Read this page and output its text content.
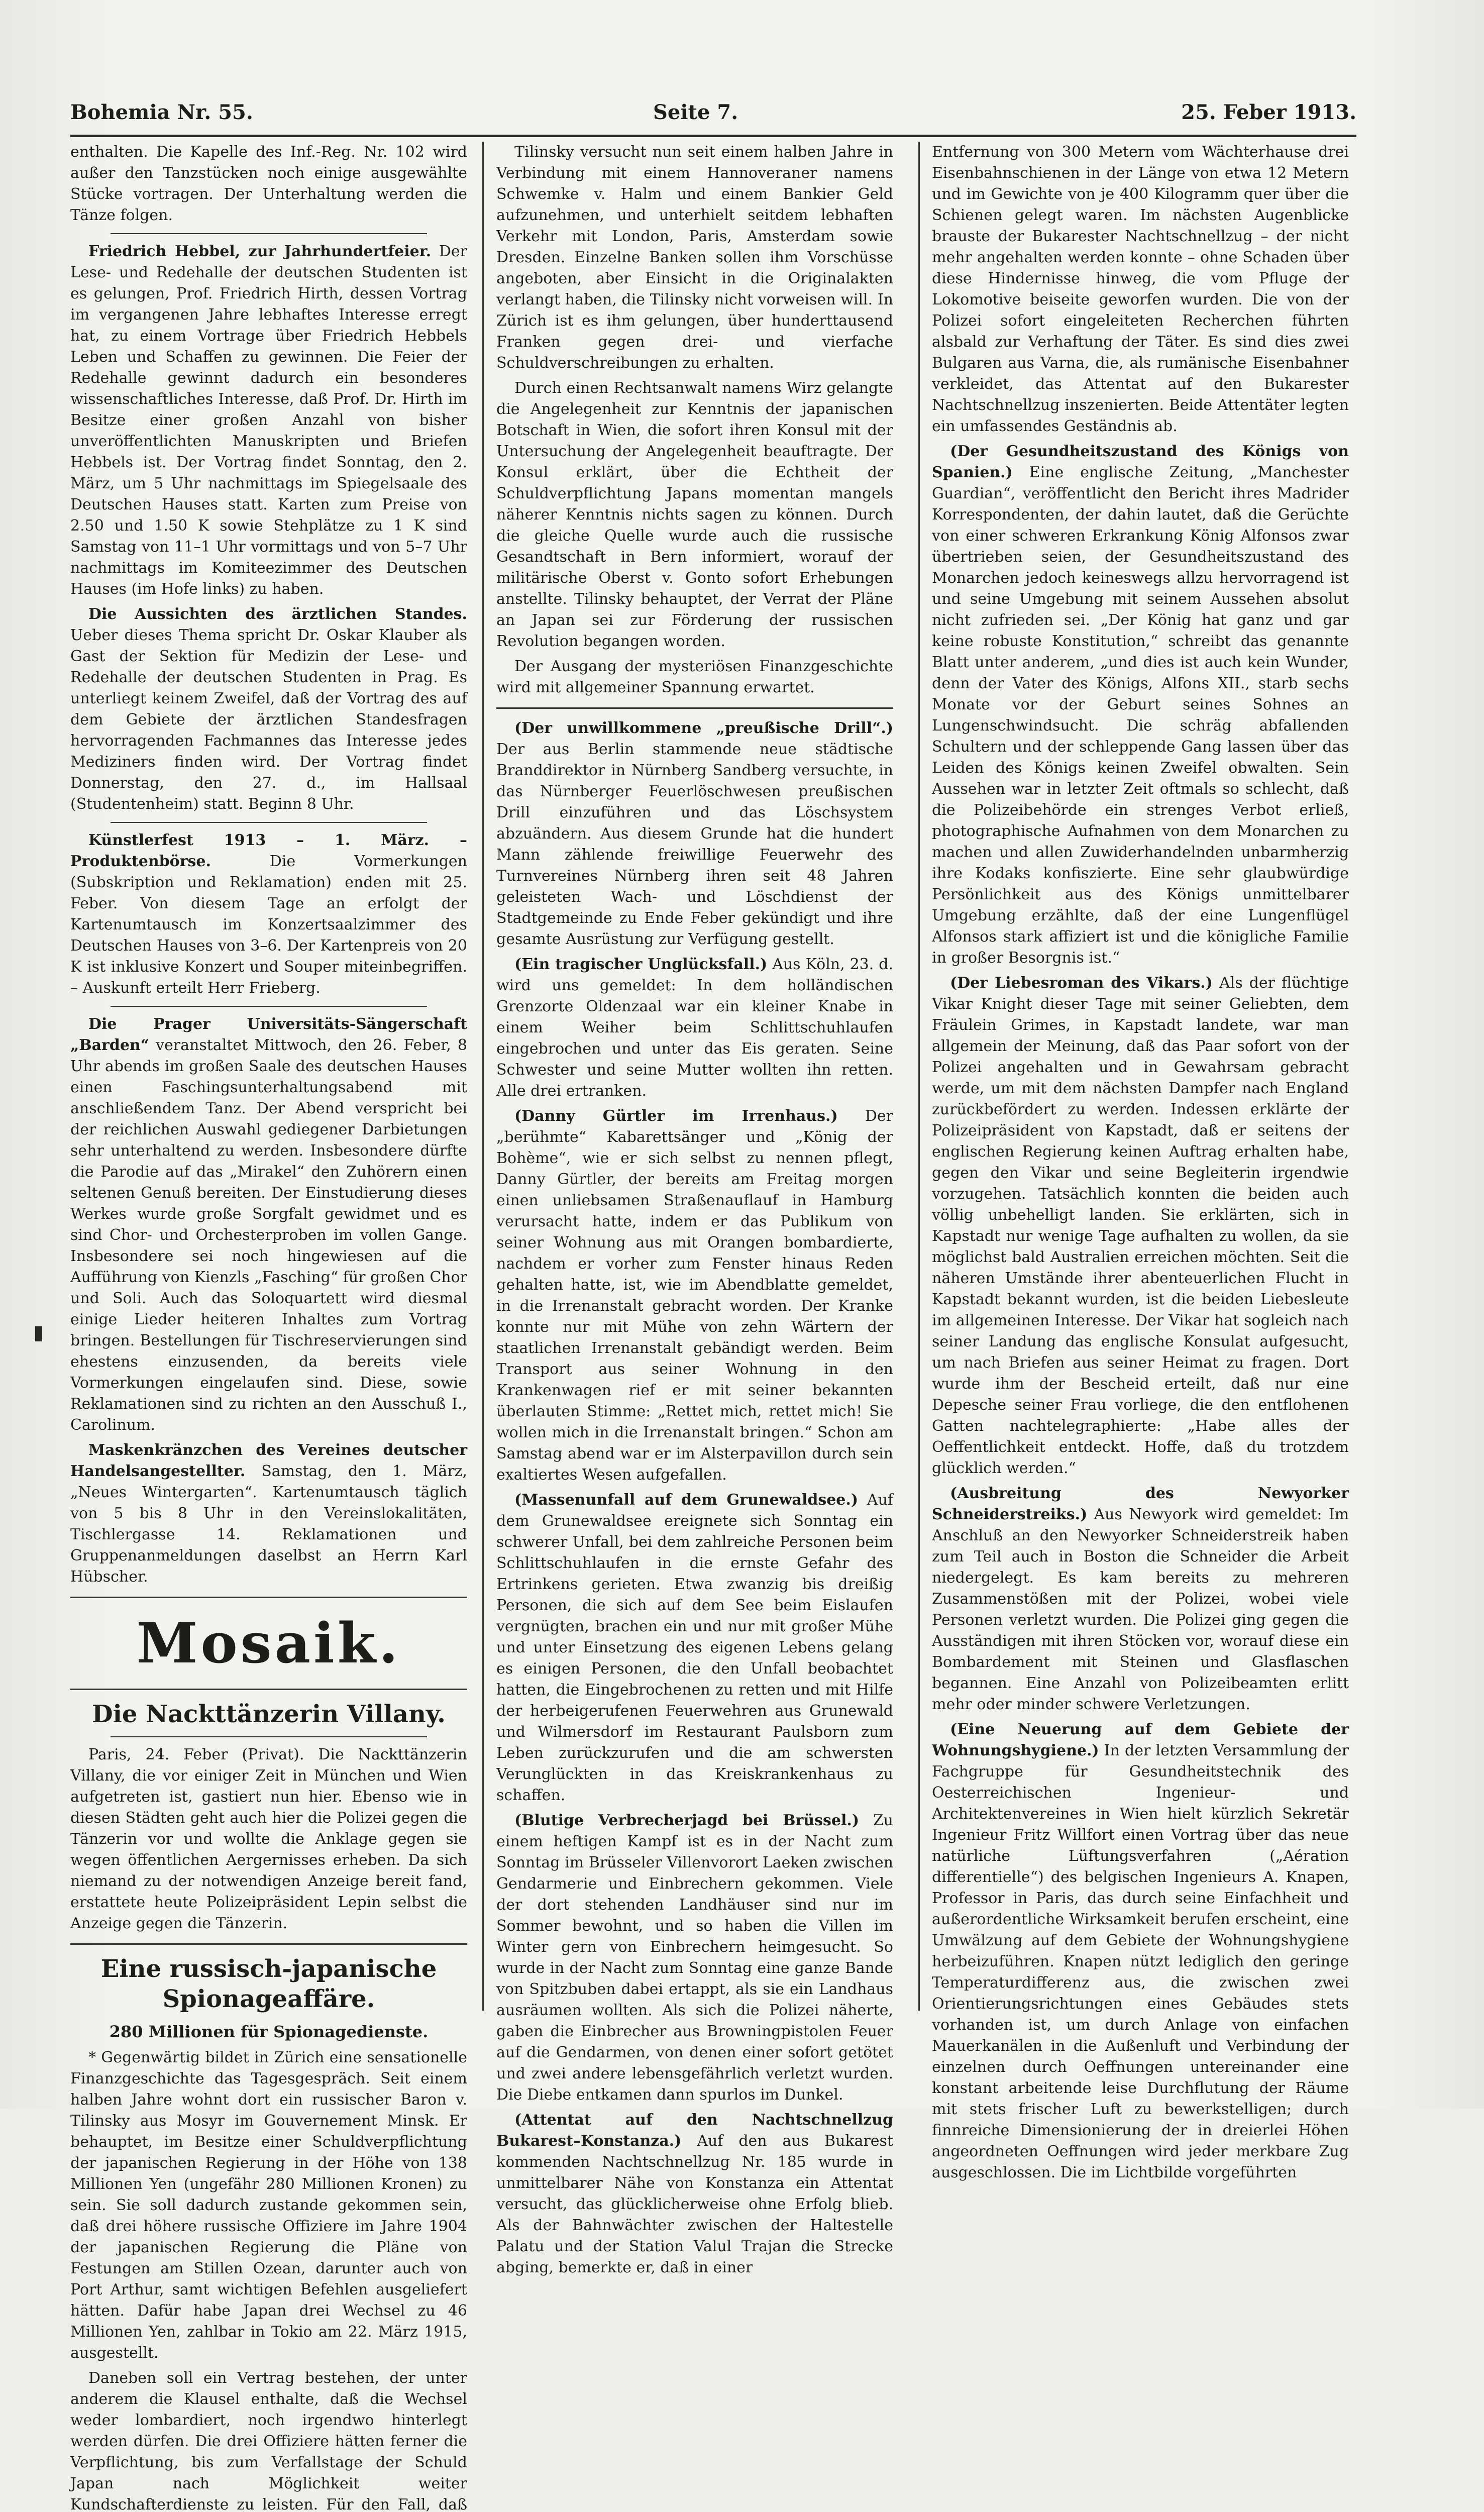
Bohemia Nr. 55.	Seite 7.	25. Feber 1913.

enthalten. Die Kapelle des Inf.-Reg. Nr. 102 wird außer den Tanzstücken noch einige ausgewählte Stücke vortragen. Der Unterhaltung werden die Tänze folgen.

Friedrich Hebbel, zur Jahrhundertfeier. Der Lese- und Redehalle der deutschen Studenten ist es gelungen, Prof. Friedrich Hirth, dessen Vortrag im vergangenen Jahre lebhaftes Interesse erregt hat, zu einem Vortrage über Friedrich Hebbels Leben und Schaffen zu gewinnen. Die Feier der Redehalle gewinnt dadurch ein besonderes wissenschaftliches Interesse, daß Prof. Dr. Hirth im Besitze einer großen Anzahl von bisher unveröffentlichten Manuskripten und Briefen Hebbels ist. Der Vortrag findet Sonntag, den 2. März, um 5 Uhr nachmittags im Spiegelsaale des Deutschen Hauses statt. Karten zum Preise von 2.50 und 1.50 K sowie Stehplätze zu 1 K sind Samstag von 11–1 Uhr vormittags und von 5–7 Uhr nachmittags im Komiteezimmer des Deutschen Hauses (im Hofe links) zu haben.

Die Aussichten des ärztlichen Standes. Ueber dieses Thema spricht Dr. Oskar Klauber als Gast der Sektion für Medizin der Lese- und Redehalle der deutschen Studenten in Prag. Es unterliegt keinem Zweifel, daß der Vortrag des auf dem Gebiete der ärztlichen Standesfragen hervorragenden Fachmannes das Interesse jedes Mediziners finden wird. Der Vortrag findet Donnerstag, den 27. d., im Hallsaal (Studentenheim) statt. Beginn 8 Uhr.

Künstlerfest 1913 – 1. März. – Produktenbörse.	Die Vormerkungen (Subskription und Reklamation) enden mit 25. Feber. Von diesem Tage an erfolgt der Kartenumtausch im Konzertsaalzimmer des Deutschen Hauses von 3–6. Der Kartenpreis von 20 K ist inklusive Konzert und Souper miteinbegriffen. – Auskunft erteilt Herr Frieberg.

Die Prager Universitäts-Sängerschaft „Barden“ veranstaltet Mittwoch, den 26. Feber, 8 Uhr abends im großen Saale des deutschen Hauses einen Faschingsunterhaltungsabend mit anschließendem Tanz. Der Abend verspricht bei der reichlichen Auswahl gediegener Darbietungen sehr unterhaltend zu werden. Insbesondere dürfte die Parodie auf das „Mirakel“ den Zuhörern einen seltenen Genuß bereiten. Der Einstudierung dieses Werkes wurde große Sorgfalt gewidmet und es sind Chor- und Orchesterproben im vollen Gange. Insbesondere sei noch hingewiesen auf die Aufführung von Kienzls „Fasching“ für großen Chor und Soli. Auch das Soloquartett wird diesmal einige Lieder heiteren Inhaltes zum Vortrag bringen. Bestellungen für Tischreservierungen sind ehestens einzusenden, da bereits viele Vormerkungen eingelaufen sind. Diese, sowie Reklamationen sind zu richten an den Ausschuß I., Carolinum.

Maskenkränzchen des Vereines deutscher Handelsangestellter. Samstag, den 1. März, „Neues Wintergarten“. Kartenumtausch täglich von 5 bis 8 Uhr in den Vereinslokalitäten, Tischlergasse 14. Reklamationen und Gruppenanmeldungen daselbst an Herrn Karl Hübscher.

Mosaik.
Die Nackttänzerin Villany.

Paris, 24. Feber (Privat). Die Nackttänzerin Villany, die vor einiger Zeit in München und Wien aufgetreten ist, gastiert nun hier. Ebenso wie in diesen Städten geht auch hier die Polizei gegen die Tänzerin vor und wollte die Anklage gegen sie wegen öffentlichen Aergernisses erheben. Da sich niemand zu der notwendigen Anzeige bereit fand, erstattete heute Polizeipräsident Lepin selbst die Anzeige gegen die Tänzerin.

Eine russisch-japanische Spionageaffäre.
280 Millionen für Spionagedienste.

* Gegenwärtig bildet in Zürich eine sensationelle Finanzgeschichte das Tagesgespräch. Seit einem halben Jahre wohnt dort ein russischer Baron v. Tilinsky aus Mosyr im Gouvernement Minsk. Er behauptet, im Besitze einer Schuldverpflichtung der japanischen Regierung in der Höhe von 138 Millionen Yen (ungefähr 280 Millionen Kronen) zu sein. Sie soll dadurch zustande gekommen sein, daß drei höhere russische Offiziere im Jahre 1904 der japanischen Regierung die Pläne von Festungen am Stillen Ozean, darunter auch von Port Arthur, samt wichtigen Befehlen ausgeliefert hätten. Dafür habe Japan drei Wechsel zu 46 Millionen Yen, zahlbar in Tokio am 22. März 1915, ausgestellt.

Daneben soll ein Vertrag bestehen, der unter anderem die Klausel enthalte, daß die Wechsel weder lombardiert, noch irgendwo hinterlegt werden dürfen. Die drei Offiziere hätten ferner die Verpflichtung, bis zum Verfallstage der Schuld Japan nach Möglichkeit weiter Kundschafterdienste zu leisten. Für den Fall, daß

Tilinsky versucht nun seit einem halben Jahre in Verbindung mit einem Hannoveraner namens Schwemke v. Halm und einem Bankier Geld aufzunehmen, und unterhielt seitdem lebhaften Verkehr mit London, Paris, Amsterdam sowie Dresden. Einzelne Banken sollen ihm Vorschüsse angeboten, aber Einsicht in die Originalakten verlangt haben, die Tilinsky nicht vorweisen will. In Zürich ist es ihm gelungen, über hunderttausend Franken gegen drei- und vierfache Schuldverschreibungen zu erhalten.

Durch einen Rechtsanwalt namens Wirz gelangte die Angelegenheit zur Kenntnis der japanischen Botschaft in Wien, die sofort ihren Konsul mit der Untersuchung der Angelegenheit beauftragte. Der Konsul erklärt, über die Echtheit der Schuldverpflichtung Japans momentan mangels näherer Kenntnis nichts sagen zu können. Durch die gleiche Quelle wurde auch die russische Gesandtschaft in Bern informiert, worauf der militärische Oberst v. Gonto sofort Erhebungen anstellte. Tilinsky behauptet, der Verrat der Pläne an Japan sei zur Förderung der russischen Revolution begangen worden.

Der Ausgang der mysteriösen Finanzgeschichte wird mit allgemeiner Spannung erwartet.

(Der unwillkommene „preußische Drill“.) Der aus Berlin stammende neue städtische Branddirektor in Nürnberg Sandberg versuchte, in das Nürnberger Feuerlöschwesen preußischen Drill einzuführen und das Löschsystem abzuändern. Aus diesem Grunde hat die hundert Mann zählende freiwillige Feuerwehr des Turnvereines Nürnberg ihren seit 48 Jahren geleisteten Wach- und Löschdienst der Stadtgemeinde zu Ende Feber gekündigt und ihre gesamte Ausrüstung zur Verfügung gestellt.

(Ein tragischer Unglücksfall.) Aus Köln, 23. d. wird uns gemeldet: In dem holländischen Grenzorte Oldenzaal war ein kleiner Knabe in einem Weiher beim Schlittschuhlaufen eingebrochen und unter das Eis geraten. Seine Schwester und seine Mutter wollten ihn retten. Alle drei ertranken.

(Danny Gürtler im Irrenhaus.) Der „berühmte“ Kabarettsänger und „König der Bohème“, wie er sich selbst zu nennen pflegt, Danny Gürtler, der bereits am Freitag morgen einen unliebsamen Straßenauflauf in Hamburg verursacht hatte, indem er das Publikum von seiner Wohnung aus mit Orangen bombardierte, nachdem er vorher zum Fenster hinaus Reden gehalten hatte, ist, wie im Abendblatte gemeldet, in die Irrenanstalt gebracht worden. Der Kranke konnte nur mit Mühe von zehn Wärtern der staatlichen Irrenanstalt gebändigt werden. Beim Transport aus seiner Wohnung in den Krankenwagen rief er mit seiner bekannten überlauten Stimme: „Rettet mich, rettet mich! Sie wollen mich in die Irrenanstalt bringen.“ Schon am Samstag abend war er im Alsterpavillon durch sein exaltiertes Wesen aufgefallen.

(Massenunfall auf dem Grunewaldsee.) Auf dem Grunewaldsee ereignete sich Sonntag ein schwerer Unfall, bei dem zahlreiche Personen beim Schlittschuhlaufen in die ernste Gefahr des Ertrinkens gerieten. Etwa zwanzig bis dreißig Personen, die sich auf dem See beim Eislaufen vergnügten, brachen ein und nur mit großer Mühe und unter Einsetzung des eigenen Lebens gelang es einigen Personen, die den Unfall beobachtet hatten, die Eingebrochenen zu retten und mit Hilfe der herbeigerufenen Feuerwehren aus Grunewald und Wilmersdorf im Restaurant Paulsborn zum Leben zurückzurufen und die am schwersten Verunglückten in das Kreiskrankenhaus zu schaffen.

(Blutige Verbrecherjagd bei Brüssel.) Zu einem heftigen Kampf ist es in der Nacht zum Sonntag im Brüsseler Villenvorort Laeken zwischen Gendarmerie und Einbrechern gekommen. Viele der dort stehenden Landhäuser sind nur im Sommer bewohnt, und so haben die Villen im Winter gern von Einbrechern heimgesucht. So wurde in der Nacht zum Sonntag eine ganze Bande von Spitzbuben dabei ertappt, als sie ein Landhaus ausräumen wollten. Als sich die Polizei näherte, gaben die Einbrecher aus Browningpistolen Feuer auf die Gendarmen, von denen einer sofort getötet und zwei andere lebensgefährlich verletzt wurden. Die Diebe entkamen dann spurlos im Dunkel.

(Attentat auf den Nachtschnellzug Bukarest–Konstanza.) Auf den aus Bukarest kommenden Nachtschnellzug Nr. 185 wurde in unmittelbarer Nähe von Konstanza ein Attentat versucht, das glücklicherweise ohne Erfolg blieb. Als der Bahnwächter zwischen der Haltestelle Palatu und der Station Valul Trajan die Strecke abging, bemerkte er, daß in einer

Entfernung von 300 Metern vom Wächterhause drei Eisenbahnschienen in der Länge von etwa 12 Metern und im Gewichte von je 400 Kilogramm quer über die Schienen gelegt waren. Im nächsten Augenblicke brauste der Bukarester Nachtschnellzug – der nicht mehr angehalten werden konnte – ohne Schaden über diese Hindernisse hinweg, die vom Pfluge der Lokomotive beiseite geworfen wurden. Die von der Polizei sofort eingeleiteten Recherchen führten alsbald zur Verhaftung der Täter. Es sind dies zwei Bulgaren aus Varna, die, als rumänische Eisenbahner verkleidet, das Attentat auf den Bukarester Nachtschnellzug inszenierten. Beide Attentäter legten ein umfassendes Geständnis ab.

(Der Gesundheitszustand des Königs von Spanien.) Eine englische Zeitung, „Manchester Guardian“, veröffentlicht den Bericht ihres Madrider Korrespondenten, der dahin lautet, daß die Gerüchte von einer schweren Erkrankung König Alfonsos zwar übertrieben seien, der Gesundheitszustand des Monarchen jedoch keineswegs allzu hervorragend ist und seine Umgebung mit seinem Aussehen absolut nicht zufrieden sei. „Der König hat ganz und gar keine robuste Konstitution,“ schreibt das genannte Blatt unter anderem, „und dies ist auch kein Wunder, denn der Vater des Königs, Alfons XII., starb sechs Monate vor der Geburt seines Sohnes an Lungenschwindsucht. Die schräg abfallenden Schultern und der schleppende Gang lassen über das Leiden des Königs keinen Zweifel obwalten. Sein Aussehen war in letzter Zeit oftmals so schlecht, daß die Polizeibehörde ein strenges Verbot erließ, photographische Aufnahmen von dem Monarchen zu machen und allen Zuwiderhandelnden unbarmherzig ihre Kodaks konfiszierte. Eine sehr glaubwürdige Persönlichkeit aus des Königs unmittelbarer Umgebung erzählte, daß der eine Lungenflügel Alfonsos stark affiziert ist und die königliche Familie in großer Besorgnis ist.“

(Der Liebesroman des Vikars.) Als der flüchtige Vikar Knight dieser Tage mit seiner Geliebten, dem Fräulein Grimes, in Kapstadt landete, war man allgemein der Meinung, daß das Paar sofort von der Polizei angehalten und in Gewahrsam gebracht werde, um mit dem nächsten Dampfer nach England zurückbefördert zu werden. Indessen erklärte der Polizeipräsident von Kapstadt, daß er seitens der englischen Regierung keinen Auftrag erhalten habe, gegen den Vikar und seine Begleiterin irgendwie vorzugehen. Tatsächlich konnten die beiden auch völlig unbehelligt landen. Sie erklärten, sich in Kapstadt nur wenige Tage aufhalten zu wollen, da sie möglichst bald Australien erreichen möchten. Seit die näheren Umstände ihrer abenteuerlichen Flucht in Kapstadt bekannt wurden, ist die beiden Liebesleute im allgemeinen Interesse. Der Vikar hat sogleich nach seiner Landung das englische Konsulat aufgesucht, um nach Briefen aus seiner Heimat zu fragen. Dort wurde ihm der Bescheid erteilt, daß nur eine Depesche seiner Frau vorliege, die den entflohenen Gatten nachtelegraphierte: „Habe alles der Oeffentlichkeit entdeckt. Hoffe, daß du trotzdem glücklich werden.“

(Ausbreitung des Newyorker Schneiderstreiks.) Aus Newyork wird gemeldet: Im Anschluß an den Newyorker Schneiderstreik haben zum Teil auch in Boston die Schneider die Arbeit niedergelegt. Es kam bereits zu mehreren Zusammenstößen mit der Polizei, wobei viele Personen verletzt wurden. Die Polizei ging gegen die Ausständigen mit ihren Stöcken vor, worauf diese ein Bombardement mit Steinen und Glasflaschen begannen. Eine Anzahl von Polizeibeamten erlitt mehr oder minder schwere Verletzungen.

(Eine Neuerung auf dem Gebiete der Wohnungshygiene.) In der letzten Versammlung der Fachgruppe für Gesundheitstechnik des Oesterreichischen Ingenieur- und Architektenvereines in Wien hielt kürzlich Sekretär Ingenieur Fritz Willfort einen Vortrag über das neue natürliche Lüftungsverfahren („Aération differentielle“) des belgischen Ingenieurs A. Knapen, Professor in Paris, das durch seine Einfachheit und außerordentliche Wirksamkeit berufen erscheint, eine Umwälzung auf dem Gebiete der Wohnungshygiene herbeizuführen. Knapen nützt lediglich den geringe Temperaturdifferenz aus, die zwischen zwei Orientierungsrichtungen eines Gebäudes stets vorhanden ist, um durch Anlage von einfachen Mauerkanälen in die Außenluft und Verbindung der einzelnen durch Oeffnungen untereinander eine konstant arbeitende leise Durchflutung der Räume mit stets frischer Luft zu bewerkstelligen; durch finnreiche Dimensionierung der in dreierlei Höhen angeordneten Oeffnungen wird jeder merkbare Zug ausgeschlossen. Die im Lichtbilde vorgeführten
